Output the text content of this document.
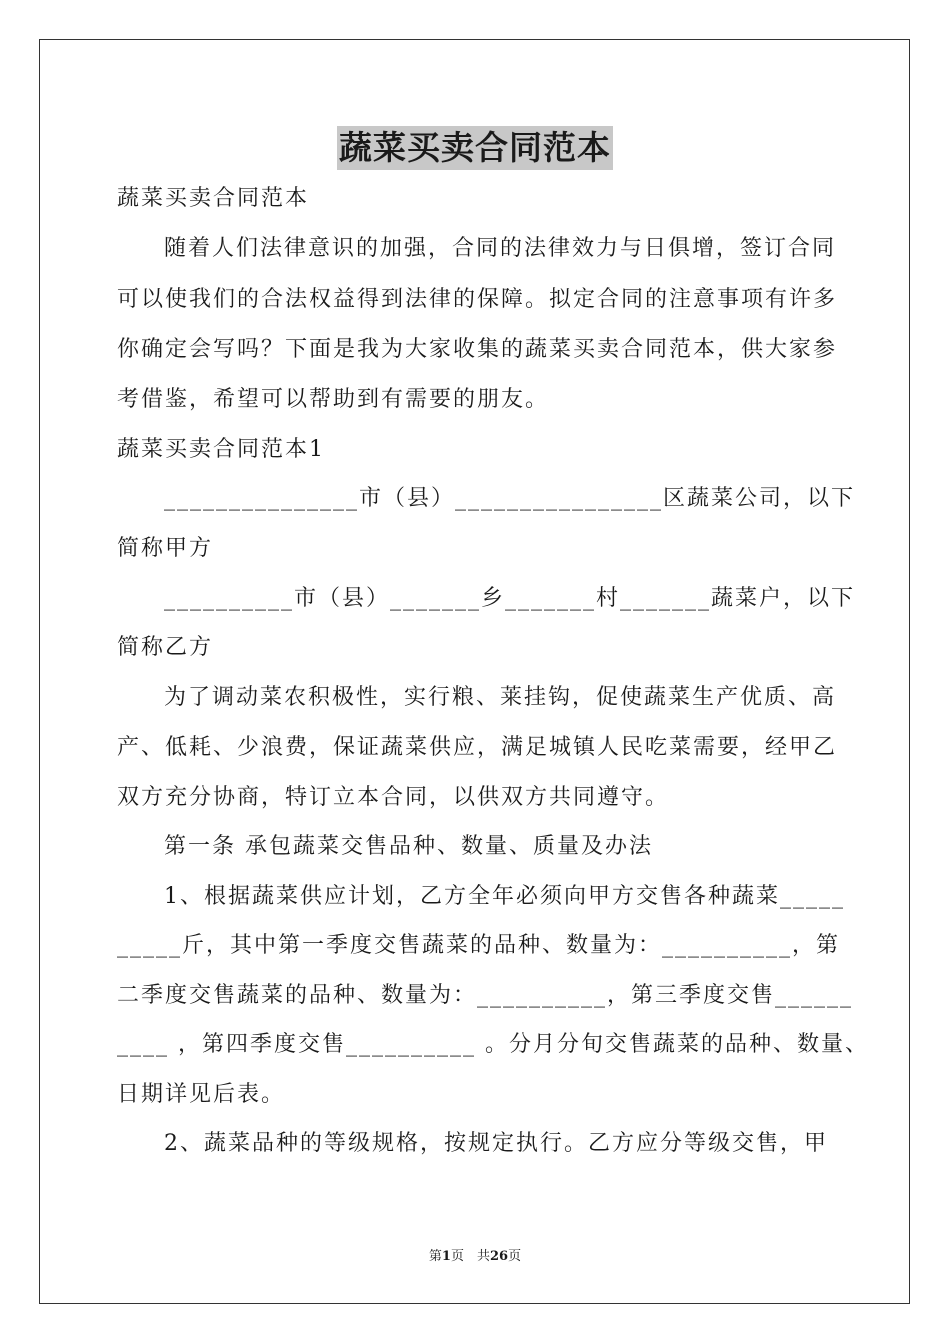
蔬菜买卖合同范本

蔬菜买卖合同范本

随着人们法律意识的加强，合同的法律效力与日俱增，签订合同

可以使我们的合法权益得到法律的保障。拟定合同的注意事项有许多

你确定会写吗？下面是我为大家收集的蔬菜买卖合同范本，供大家参

考借鉴，希望可以帮助到有需要的朋友。

蔬菜买卖合同范本1

_______________市（县）________________区蔬菜公司，以下

简称甲方

__________市（县）_______乡_______村_______蔬菜户，以下

简称乙方

为了调动菜农积极性，实行粮、莱挂钩，促使蔬菜生产优质、高

产、低耗、少浪费，保证蔬菜供应，满足城镇人民吃菜需要，经甲乙

双方充分协商，特订立本合同，以供双方共同遵守。

第一条 承包蔬菜交售品种、数量、质量及办法

1、根据蔬菜供应计划，乙方全年必须向甲方交售各种蔬菜_____

_____斤，其中第一季度交售蔬菜的品种、数量为：__________，第

二季度交售蔬菜的品种、数量为：__________，第三季度交售______

____ ，第四季度交售__________ 。分月分旬交售蔬菜的品种、数量、

日期详见后表。

2、蔬菜品种的等级规格，按规定执行。乙方应分等级交售，甲

第1页　共26页
